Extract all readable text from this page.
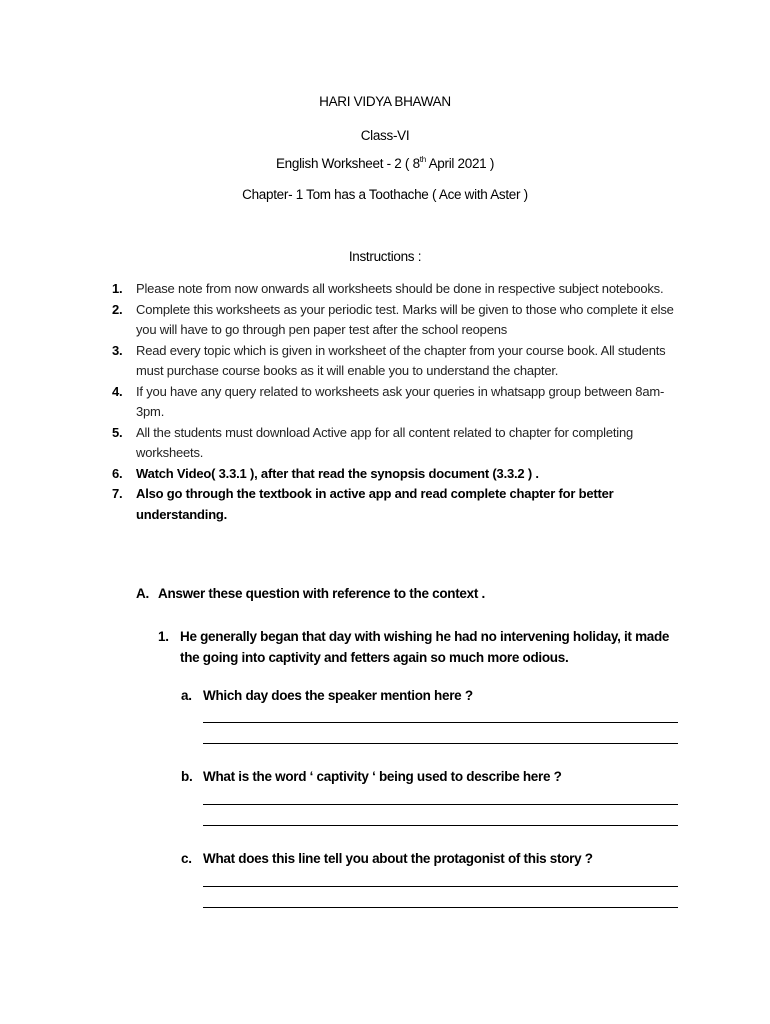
HARI VIDYA BHAWAN
Class-VI
English Worksheet - 2 ( 8th April 2021 )
Chapter- 1 Tom has a Toothache ( Ace with Aster )
Instructions :
1.	Please note from now onwards all worksheets should be done in respective subject notebooks.
2.	Complete this worksheets as your periodic test. Marks will be given to those who complete it else you will have to go through pen paper test after the school reopens
3.	Read every topic which is given in worksheet of the chapter from your course book. All students must purchase course books as it will enable you to understand the chapter.
4.	If you have any query related to worksheets ask your queries in whatsapp group between 8am-3pm.
5.	All the students must download Active app for all content related to chapter for completing worksheets.
6.	Watch Video( 3.3.1 ), after that read the synopsis document (3.3.2 ) .
7.	Also go through the textbook in active app and read complete chapter for better understanding.
A. Answer these question with reference to the context .
1. He generally began that day with wishing he had no intervening holiday, it made the going into captivity and fetters again so much more odious.
a. Which day does the speaker mention here ?
b. What is the word ‘ captivity ‘ being used to describe here ?
c. What does this line tell you about the protagonist of this story ?
